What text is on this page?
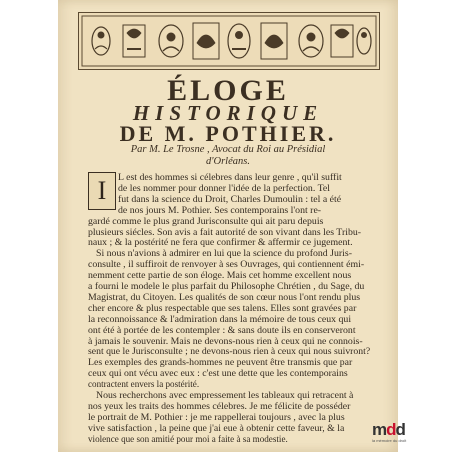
ÉLOGE
HISTORIQUE
DE M. POTHIER.
Par M. Le Trosne , Avocat du Roi au Présidial
d'Orléans.
I	L est des hommes si célebres dans leur genre , qu'il suffit
de les nommer pour donner l'idée de la perfection. Tel
fut dans la science du Droit, Charles Dumoulin : tel a été
de nos jours M. Pothier. Ses contemporains l'ont re-
gardé comme le plus grand Jurisconsulte qui ait paru depuis
plusieurs siécles. Son avis a fait autorité de son vivant dans les Tribu-
naux ; & la postérité ne fera que confirmer & affermir ce jugement.
Si nous n'avions à admirer en lui que la science du profond Juris-
consulte , il suffiroit de renvoyer à ses Ouvrages, qui contiennent émi-
nemment cette partie de son éloge. Mais cet homme excellent nous
a fourni le modele le plus parfait du Philosophe Chrétien , du Sage, du
Magistrat, du Citoyen. Les qualités de son cœur nous l'ont rendu plus
cher encore & plus respectable que ses talens. Elles sont gravées par
la reconnoissance & l'admiration dans la mémoire de tous ceux qui
ont été à portée de les contempler : & sans doute ils en conserveront
à jamais le souvenir. Mais ne devons-nous rien à ceux qui ne connois-
sent que le Jurisconsulte ; ne devons-nous rien à ceux qui nous suivront?
Les exemples des grands-hommes ne peuvent être transmis que par
ceux qui ont vécu avec eux : c'est une dette que les contemporains
contractent envers la postérité.
Nous recherchons avec empressement les tableaux qui retracent à
nos yeux les traits des hommes célebres. Je me félicite de posséder
le portrait de M. Pothier : je me rappellerai toujours , avec la plus
vive satisfaction , la peine que j'ai eue à obtenir cette faveur, & la
violence que son amitié pour moi a faite à sa modestie.	mdd
la mémoire du droit
